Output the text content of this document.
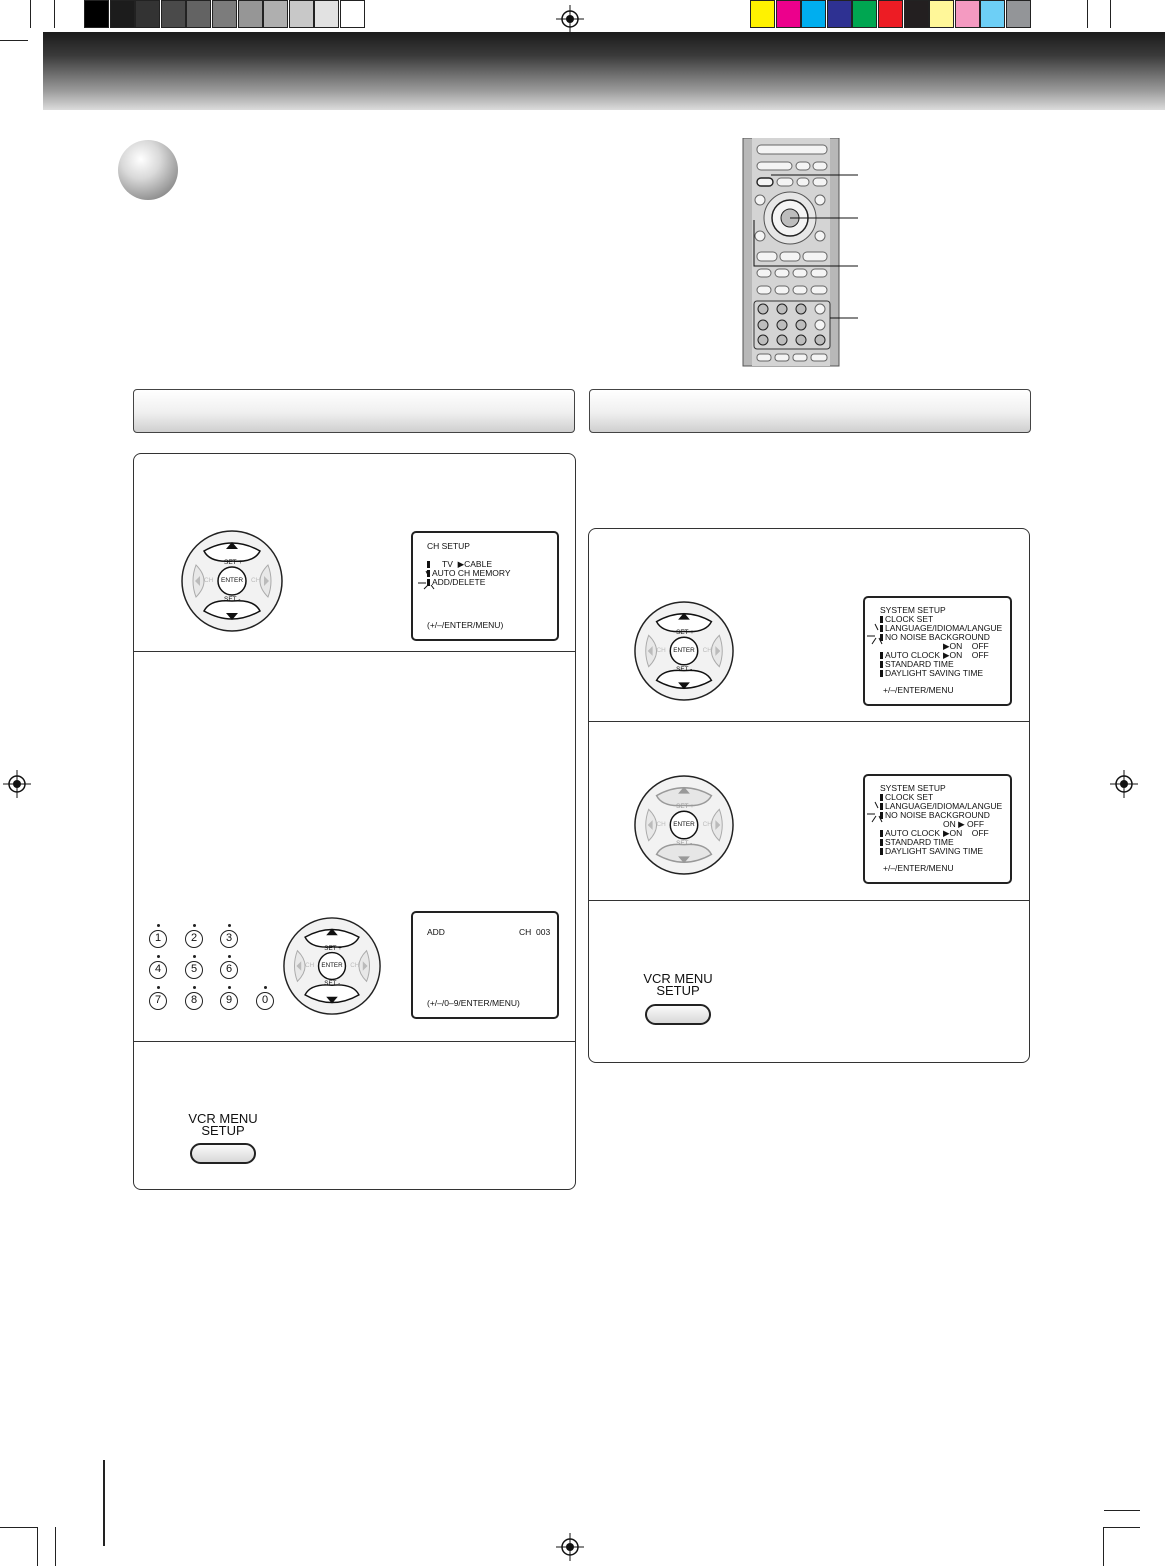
SET +
SET -
ENTER
CH	CH
CH SETUP
TV  ▶CABLE
AUTO CH MEMORY
ADD/DELETE
(+/–/ENTER/MENU)
1	2	3
4	5	6
7	8	9	0
SET +
SET -
ENTER
CH	CH
ADD	CH  003
(+/–/0–9/ENTER/MENU)
VCR MENU
SETUP
SET +
SET -
ENTER
CH	CH
SET +
SET -
ENTER
CH	CH
SYSTEM SETUP
CLOCK SET
LANGUAGE/IDIOMA/LANGUE
NO NOISE BACKGROUND
▶ON    OFF
AUTO CLOCK ▶ON    OFF
STANDARD TIME
DAYLIGHT SAVING TIME
+/–/ENTER/MENU
SYSTEM SETUP
CLOCK SET
LANGUAGE/IDIOMA/LANGUE
NO NOISE BACKGROUND
ON ▶ OFF
AUTO CLOCK ▶ON    OFF
STANDARD TIME
DAYLIGHT SAVING TIME
+/–/ENTER/MENU
VCR MENU
SETUP
